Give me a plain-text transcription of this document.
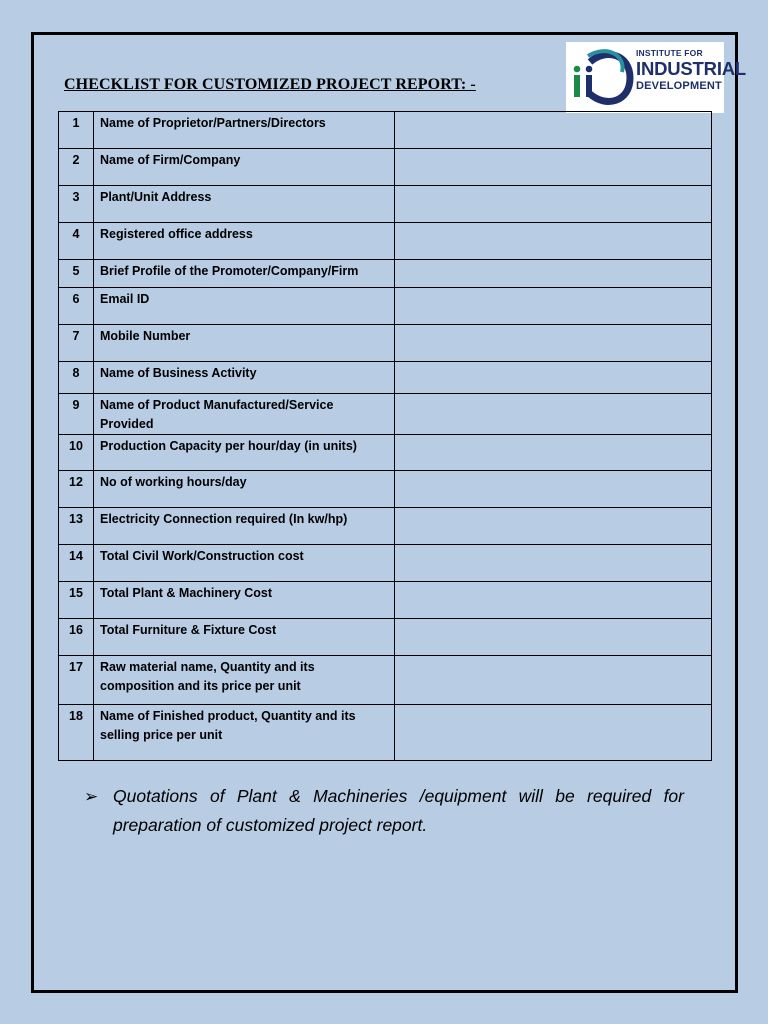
CHECKLIST FOR CUSTOMIZED PROJECT REPORT: -
INSTITUTE FOR
INDUSTRIAL
DEVELOPMENT
1	Name of Proprietor/Partners/Directors	
2	Name of Firm/Company	
3	Plant/Unit Address	
4	Registered office address	
5	Brief Profile of the Promoter/Company/Firm	
6	Email ID	
7	Mobile Number	
8	Name of Business Activity	
9	Name of Product Manufactured/Service Provided	
10	Production Capacity per hour/day (in units)	
12	No of working hours/day	
13	Electricity Connection required (In kw/hp)	
14	Total Civil Work/Construction cost	
15	Total Plant & Machinery Cost	
16	Total Furniture & Fixture Cost	
17	Raw material name, Quantity and its composition and its price per unit	
18	Name of Finished product, Quantity and its selling price per unit	
➢ Quotations of Plant & Machineries /equipment will be required for preparation of customized project report.
